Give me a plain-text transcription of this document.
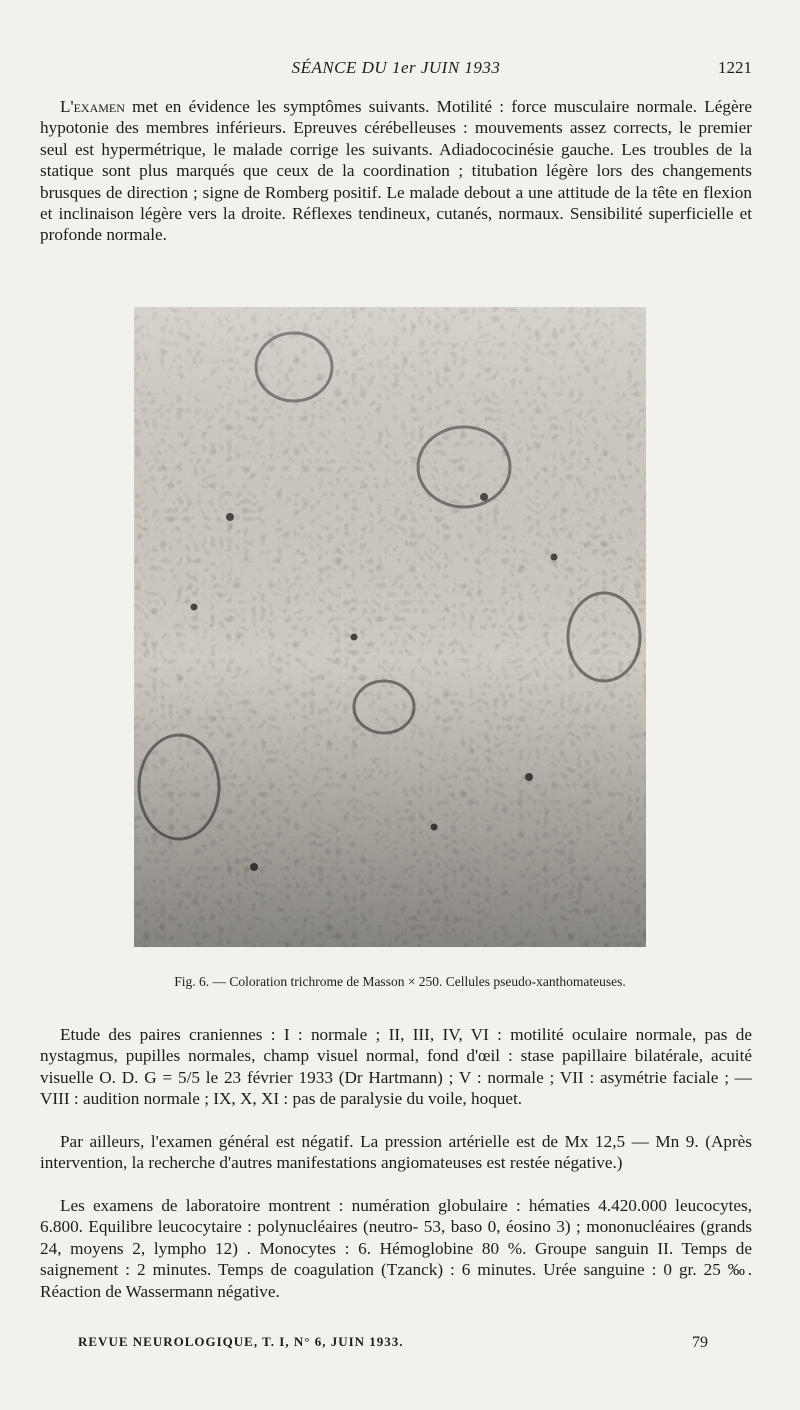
SÉANCE DU 1er JUIN 1933	1221

L'examen met en évidence les symptômes suivants. Motilité : force musculaire normale. Légère hypotonie des membres inférieurs. Epreuves cérébelleuses : mouvements assez corrects, le premier seul est hypermétrique, le malade corrige les suivants. Adiadococinésie gauche. Les troubles de la statique sont plus marqués que ceux de la coordination ; titubation légère lors des changements brusques de direction ; signe de Romberg positif. Le malade debout a une attitude de la tête en flexion et inclinaison légère vers la droite. Réflexes tendineux, cutanés, normaux. Sensibilité superficielle et profonde normale.

Fig. 6. — Coloration trichrome de Masson × 250. Cellules pseudo-xanthomateuses.

Etude des paires craniennes : I : normale ; II, III, IV, VI : motilité oculaire normale, pas de nystagmus, pupilles normales, champ visuel normal, fond d'œil : stase papillaire bilatérale, acuité visuelle O. D. G = 5/5 le 23 février 1933 (Dr Hartmann) ; V : normale ; VII : asymétrie faciale ; — VIII : audition normale ; IX, X, XI : pas de paralysie du voile, hoquet.

Par ailleurs, l'examen général est négatif. La pression artérielle est de Mx 12,5 — Mn 9. (Après intervention, la recherche d'autres manifestations angiomateuses est restée négative.)

Les examens de laboratoire montrent : numération globulaire : hématies 4.420.000 leucocytes, 6.800. Equilibre leucocytaire : polynucléaires (neutro- 53, baso 0, éosino 3) ; mononucléaires (grands 24, moyens 2, lympho 12) . Monocytes : 6. Hémoglobine 80 %. Groupe sanguin II. Temps de saignement : 2 minutes. Temps de coagulation (Tzanck) : 6 minutes. Urée sanguine : 0 gr. 25 ‰. Réaction de Wassermann négative.

REVUE NEUROLOGIQUE, T. I, N° 6, JUIN 1933.	79
